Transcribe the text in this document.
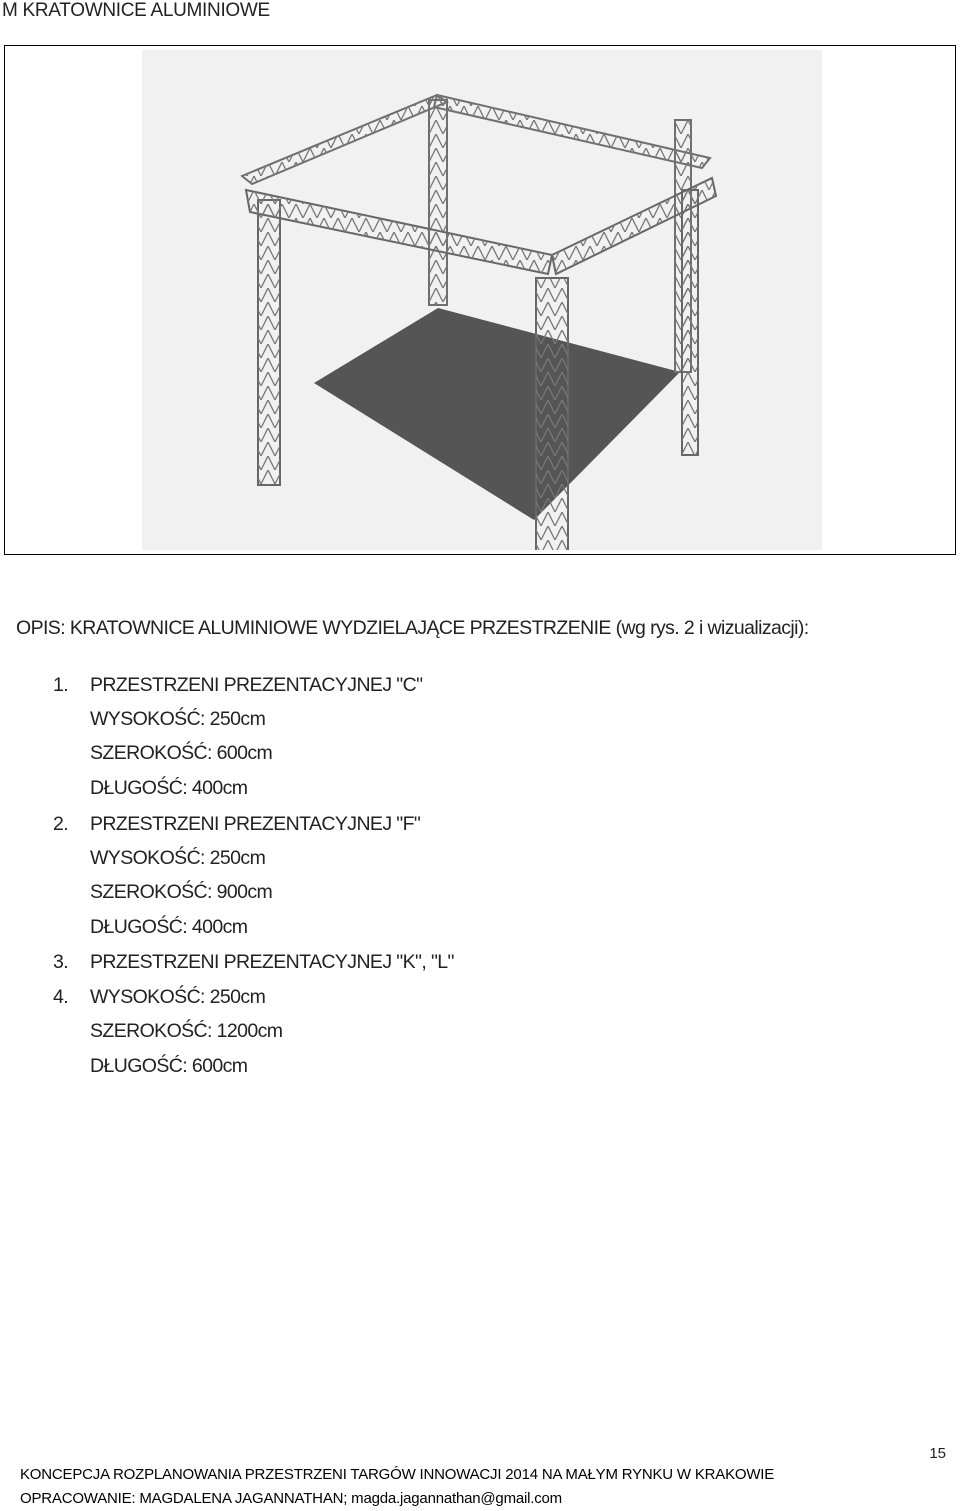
M KRATOWNICE ALUMINIOWE
OPIS: KRATOWNICE ALUMINIOWE WYDZIELAJĄCE PRZESTRZENIE (wg rys. 2 i wizualizacji):
1. PRZESTRZENI PREZENTACYJNEJ "C"
WYSOKOŚĆ: 250cm
SZEROKOŚĆ: 600cm
DŁUGOŚĆ: 400cm
2. PRZESTRZENI PREZENTACYJNEJ "F"
WYSOKOŚĆ: 250cm
SZEROKOŚĆ: 900cm
DŁUGOŚĆ: 400cm
3. PRZESTRZENI PREZENTACYJNEJ "K", "L"
4. WYSOKOŚĆ: 250cm
SZEROKOŚĆ: 1200cm
DŁUGOŚĆ: 600cm
15
KONCEPCJA ROZPLANOWANIA PRZESTRZENI TARGÓW INNOWACJI 2014 NA MAŁYM RYNKU W KRAKOWIE
OPRACOWANIE: MAGDALENA JAGANNATHAN; magda.jagannathan@gmail.com
